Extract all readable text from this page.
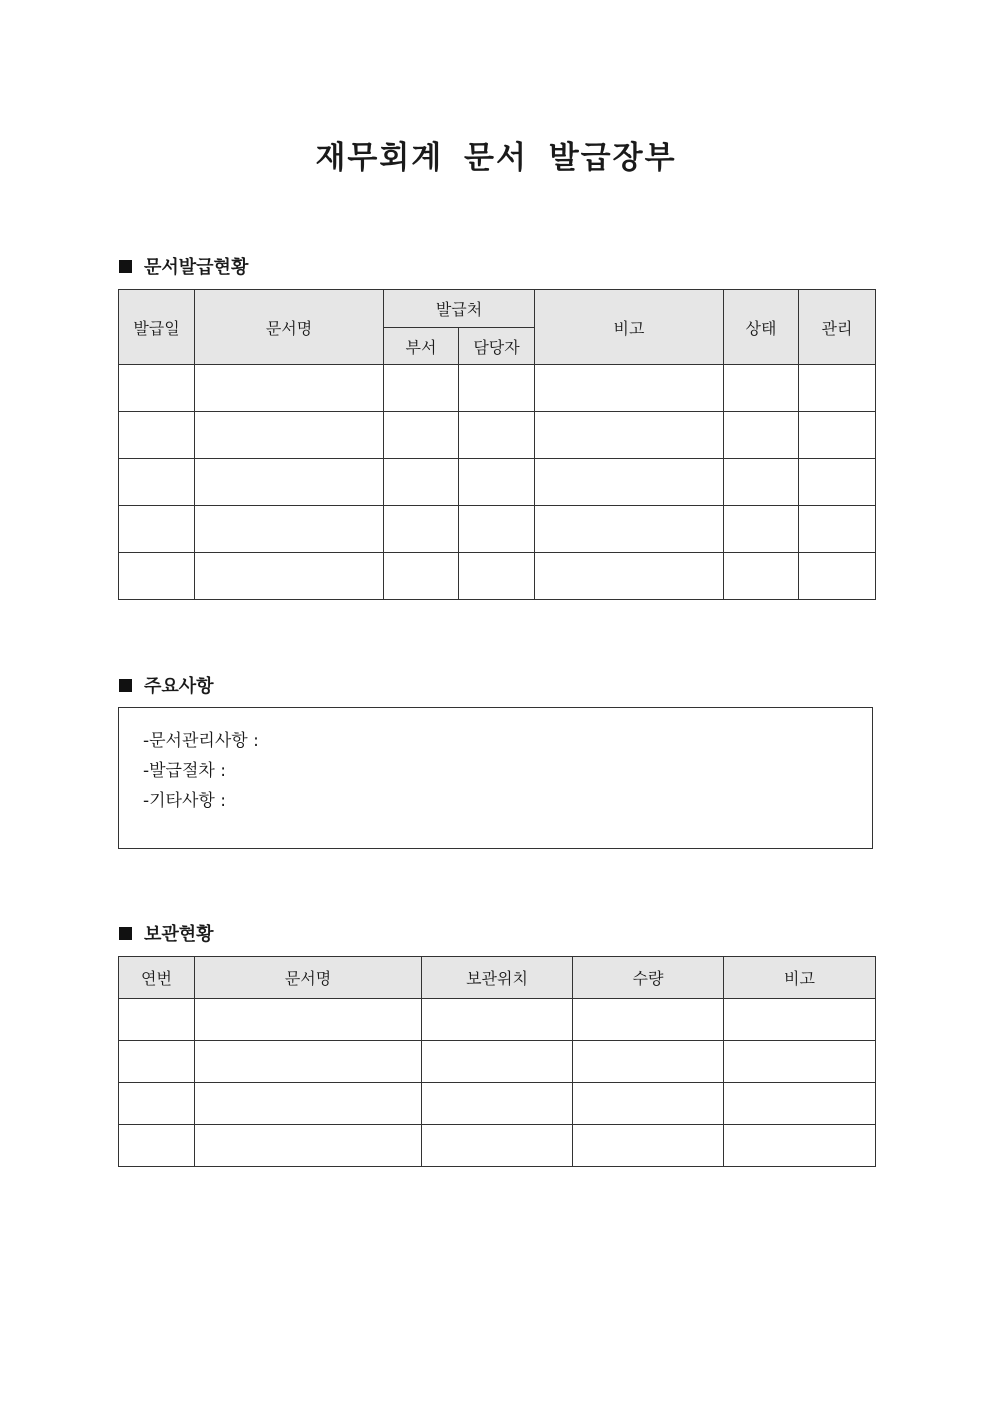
재무회계 문서 발급장부
문서발급현황
발급일	문서명	발급처		비고	상태	관리
		부서	담당자			

주요사항
-문서관리사항 :
-발급절차 :
-기타사항 :
보관현황
연번	문서명	보관위치	수량	비고
